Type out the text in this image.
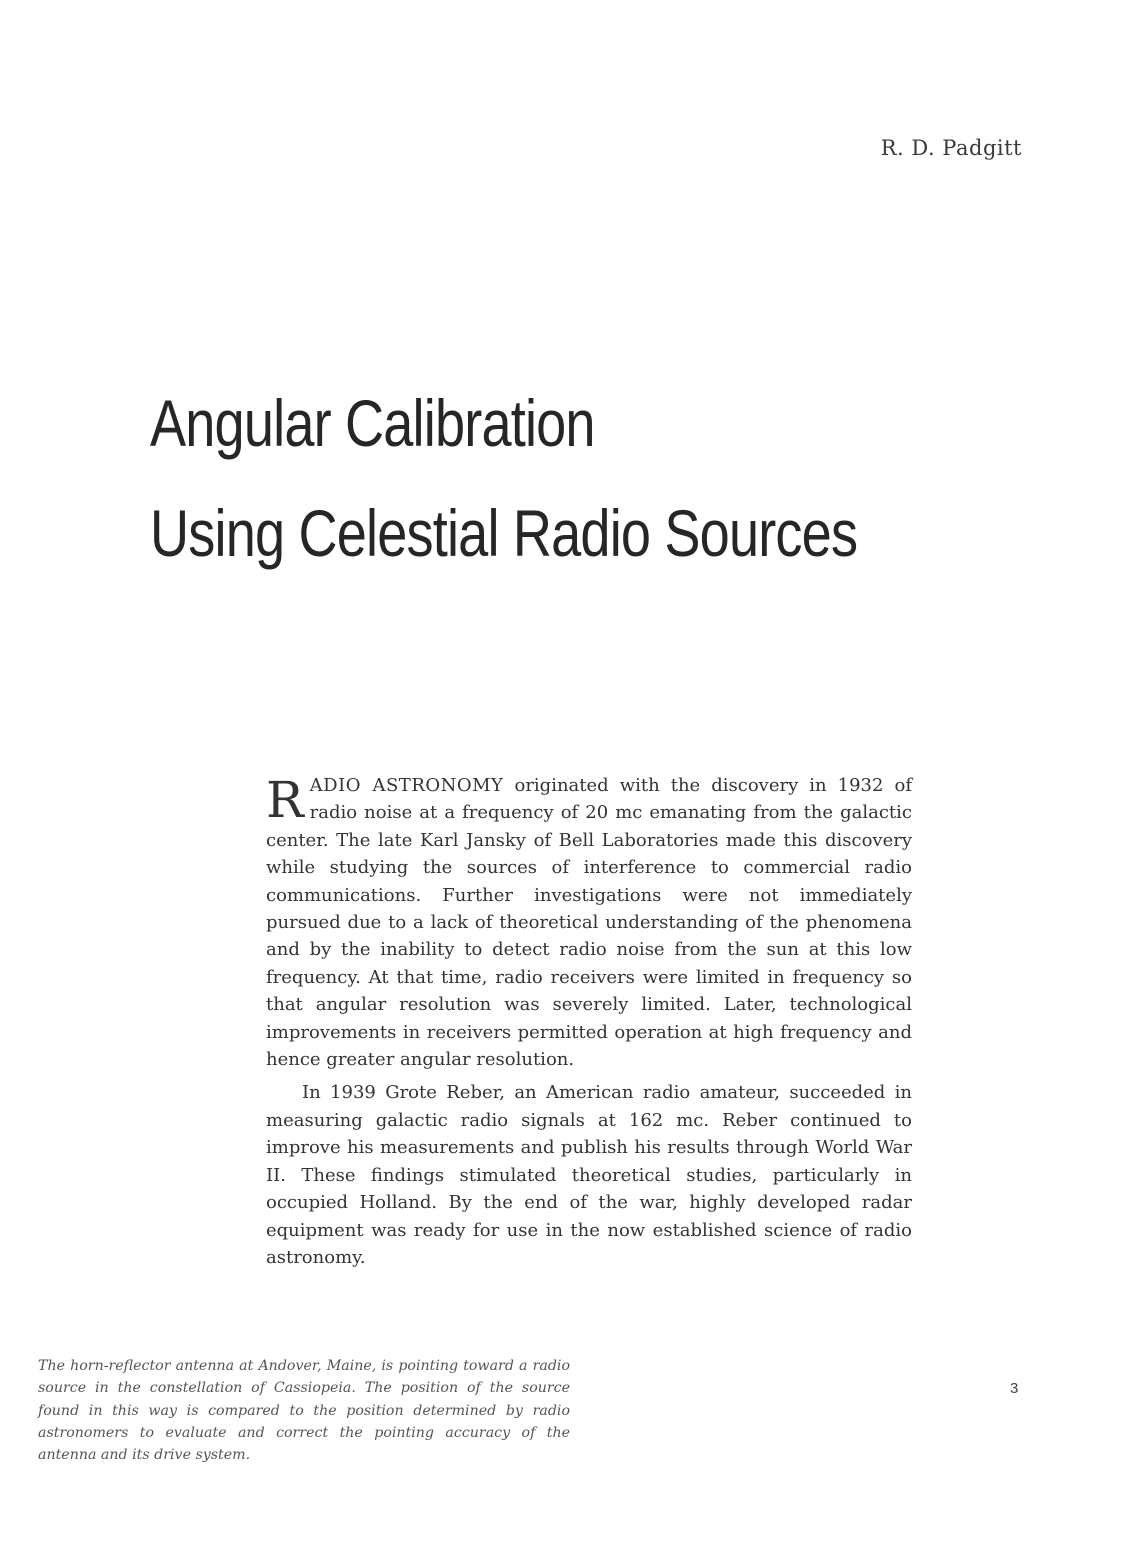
R. D. Padgitt
Angular Calibration
Using Celestial Radio Sources

RADIO ASTRONOMY originated with the discovery in 1932 of radio noise at a frequency of 20 mc emanating from the galactic center. The late Karl Jansky of Bell Laboratories made this discovery while studying the sources of interference to commercial radio communications. Further investigations were not immediately pursued due to a lack of theoretical understanding of the phenomena and by the inability to detect radio noise from the sun at this low frequency. At that time, radio receivers were limited in frequency so that angular resolution was severely limited. Later, technological improvements in receivers permitted operation at high frequency and hence greater angular resolution.

In 1939 Grote Reber, an American radio amateur, succeeded in measuring galactic radio signals at 162 mc. Reber continued to improve his measurements and publish his results through World War II. These findings stimulated theoretical studies, particularly in occupied Holland. By the end of the war, highly developed radar equipment was ready for use in the now established science of radio astronomy.

The horn-reflector antenna at Andover, Maine, is pointing toward a radio source in the constellation of Cassiopeia. The position of the source found in this way is compared to the position determined by radio astronomers to evaluate and correct the pointing accuracy of the antenna and its drive system.
3
